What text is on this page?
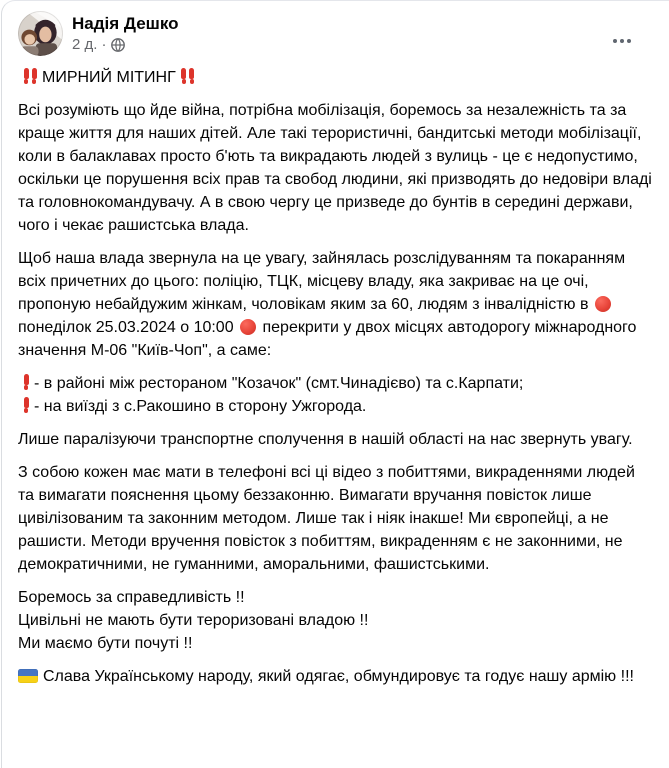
Надія Дешко
2 д. ·
МИРНИЙ МІТИНГ
Всі розуміють що йде війна, потрібна мобілізація, боремось за незалежність та за краще життя для наших дітей. Але такі терористичні, бандитські методи мобілізації, коли в балаклавах просто б'ють та викрадають людей з вулиць - це є недопустимо, оскільки це порушення всіх прав та свобод людини, які призводять до недовіри владі та головнокомандувачу. А в свою чергу це призведе до бунтів в середині держави, чого і чекає рашистська влада.
Щоб наша влада звернула на це увагу, зайнялась розслідуванням та покаранням всіх причетних до цього: поліцію, ТЦК, місцеву владу, яка закриває на це очі, пропоную небайдужим жінкам, чоловікам яким за 60, людям з інвалідністю в  понеділок 25.03.2024 о 10:00  перекрити у двох місцях автодорогу міжнародного значення М-06 "Київ-Чоп", а саме:
- в районі між рестораном "Козачок" (смт.Чинадієво) та с.Карпати;
- на виїзді з с.Ракошино в сторону Ужгорода.
Лише паралізуючи транспортне сполучення в нашій області на нас звернуть увагу.
З собою кожен має мати в телефоні всі ці відео з побиттями, викраденнями людей та вимагати пояснення цьому беззаконню. Вимагати вручання повісток лише цивілізованим та законним методом. Лише так і ніяк інакше! Ми європейці, а не рашисти. Методи вручення повісток з побиттям, викраденням є не законними, не демократичними, не гуманними, аморальними, фашистськими.
Боремось за справедливість !!
Цивільні не мають бути тероризовані владою !!
Ми маємо бути почуті !!
Слава Українському народу, який одягає, обмундировує та годує нашу армію !!!
